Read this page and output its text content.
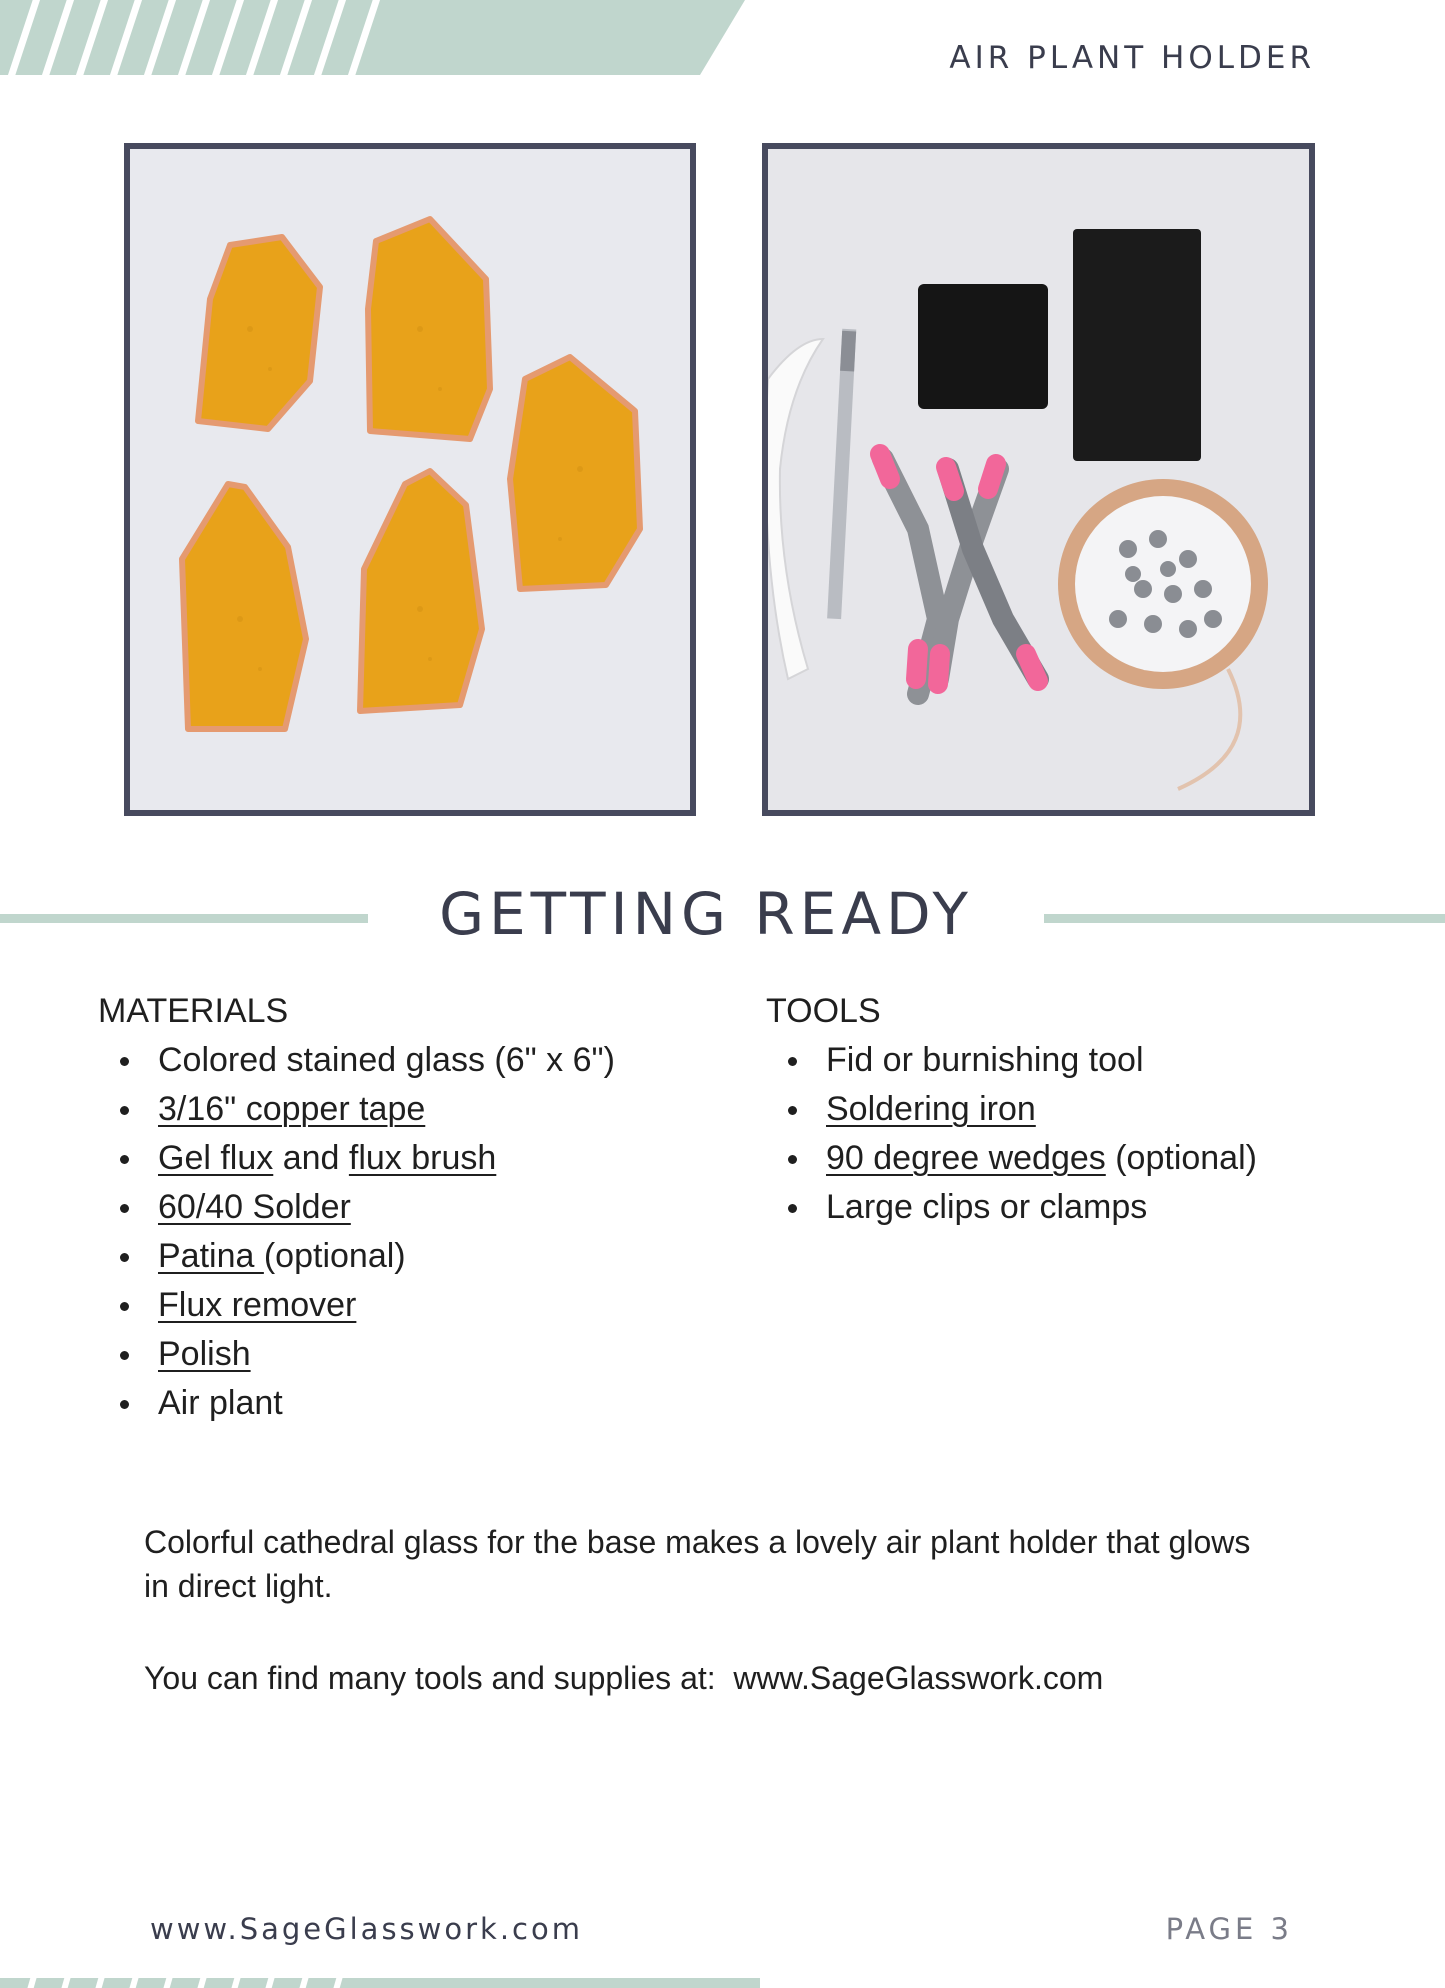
AIR PLANT HOLDER
GETTING READY
MATERIALS
Colored stained glass (6" x 6")
3/16" copper tape
Gel flux and flux brush
60/40 Solder
Patina (optional)
Flux remover
Polish
Air plant
TOOLS
Fid or burnishing tool
Soldering iron
90 degree wedges (optional)
Large clips or clamps
Colorful cathedral glass for the base makes a lovely air plant holder that glows in direct light.
You can find many tools and supplies at:  www.SageGlasswork.com
www.SageGlasswork.com	PAGE 3
